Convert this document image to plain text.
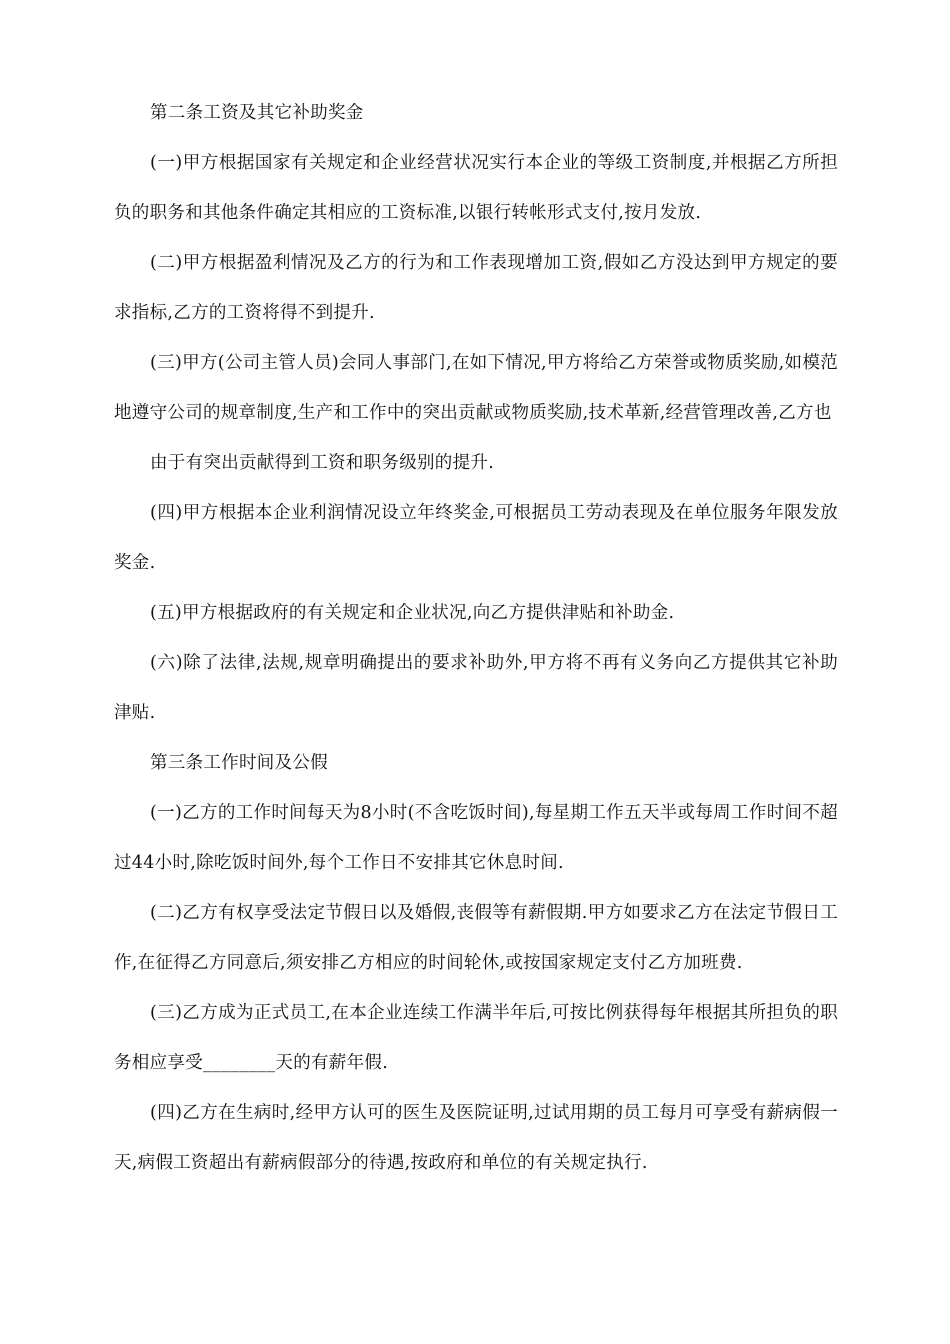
第二条工资及其它补助奖金

(一)甲方根据国家有关规定和企业经营状况实行本企业的等级工资制度,并根据乙方所担负的职务和其他条件确定其相应的工资标准,以银行转帐形式支付,按月发放.

(二)甲方根据盈利情况及乙方的行为和工作表现增加工资,假如乙方没达到甲方规定的要求指标,乙方的工资将得不到提升.

(三)甲方(公司主管人员)会同人事部门,在如下情况,甲方将给乙方荣誉或物质奖励,如模范地遵守公司的规章制度,生产和工作中的突出贡献或物质奖励,技术革新,经营管理改善,乙方也

由于有突出贡献得到工资和职务级别的提升.

(四)甲方根据本企业利润情况设立年终奖金,可根据员工劳动表现及在单位服务年限发放奖金.

(五)甲方根据政府的有关规定和企业状况,向乙方提供津贴和补助金.

(六)除了法律,法规,规章明确提出的要求补助外,甲方将不再有义务向乙方提供其它补助津贴.

第三条工作时间及公假

(一)乙方的工作时间每天为8小时(不含吃饭时间),每星期工作五天半或每周工作时间不超过44小时,除吃饭时间外,每个工作日不安排其它休息时间.

(二)乙方有权享受法定节假日以及婚假,丧假等有薪假期.甲方如要求乙方在法定节假日工作,在征得乙方同意后,须安排乙方相应的时间轮休,或按国家规定支付乙方加班费.

(三)乙方成为正式员工,在本企业连续工作满半年后,可按比例获得每年根据其所担负的职务相应享受________天的有薪年假.

(四)乙方在生病时,经甲方认可的医生及医院证明,过试用期的员工每月可享受有薪病假一天,病假工资超出有薪病假部分的待遇,按政府和单位的有关规定执行.
